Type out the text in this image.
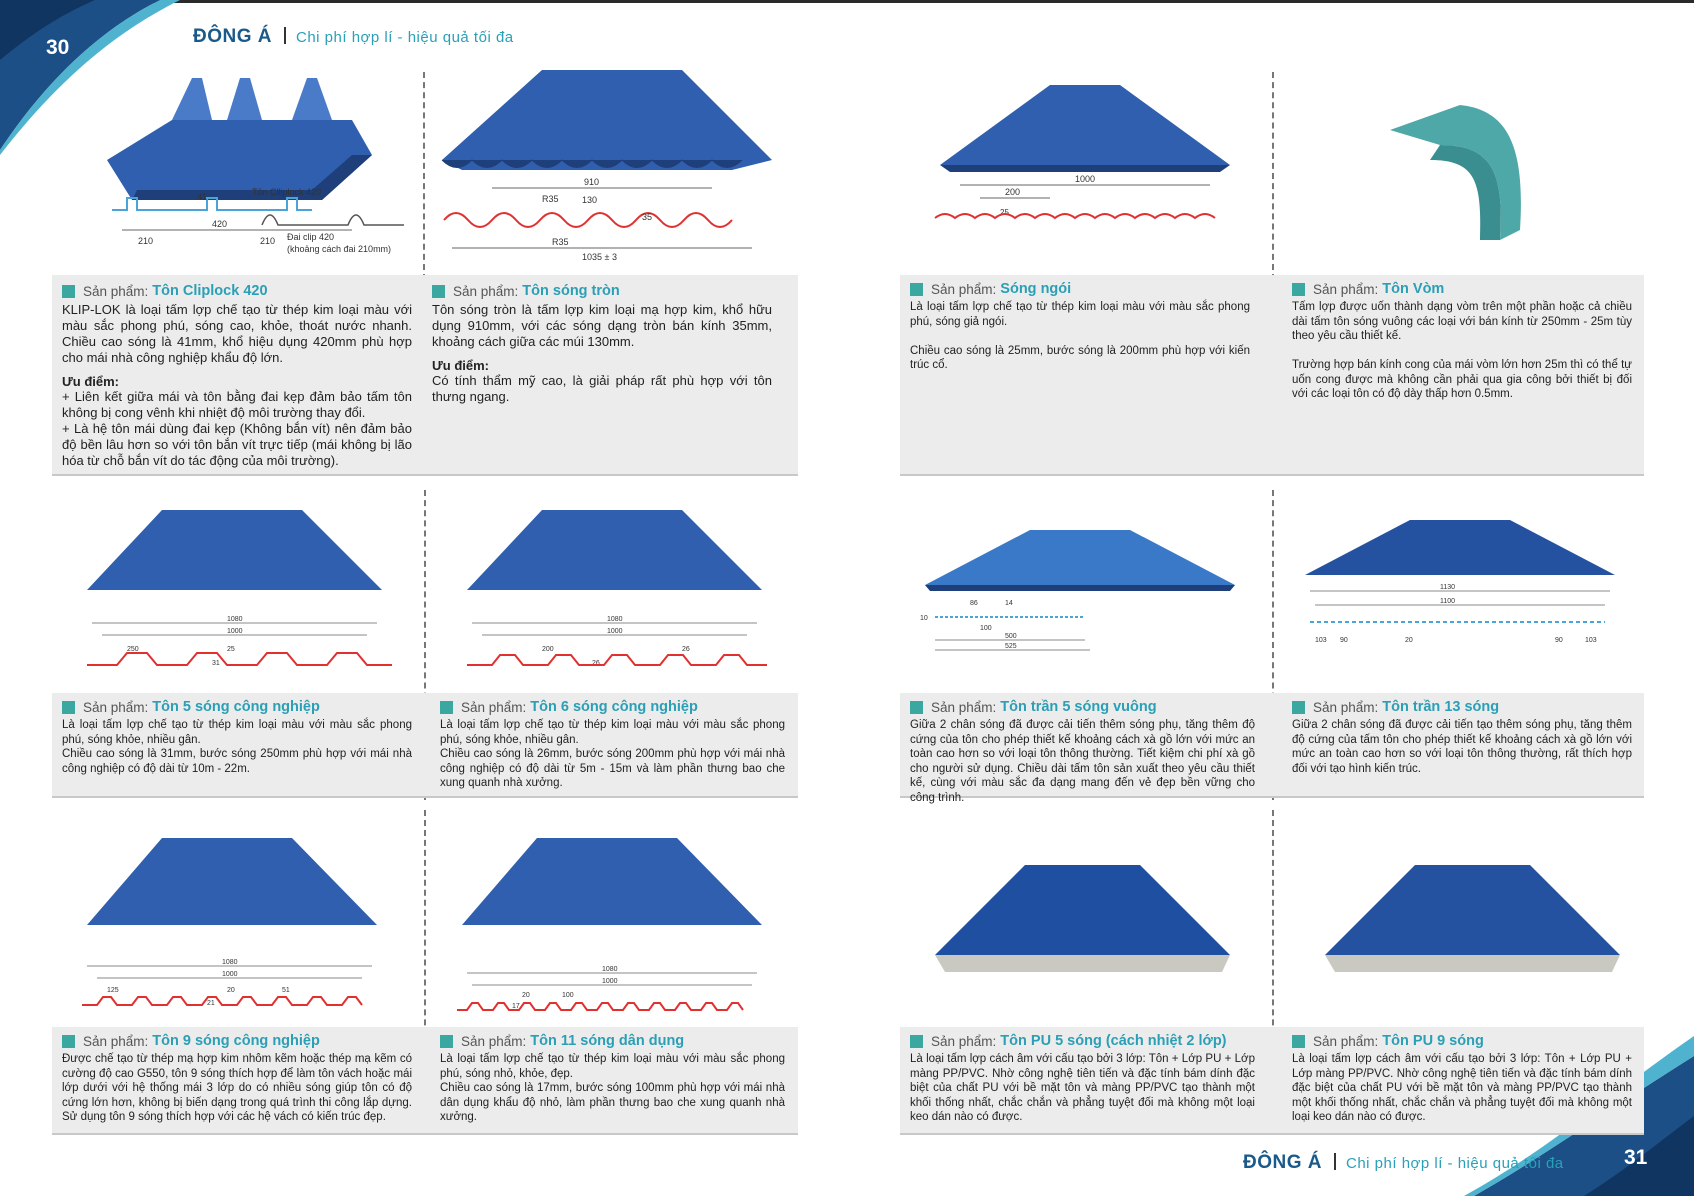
30	ĐÔNG Á Chi phí hợp lí - hiệu quả tối đa
31
ĐÔNG Á Chi phí hợp lí - hiệu quả tối đa
210
420
210
41	Tôn Clliplock 420
Đai clip 420
(khoảng cách đai 210mm)
Sản phẩm: Tôn Cliplock 420
KLIP-LOK là loại tấm lợp chế tạo từ thép kim loại màu với màu sắc phong phú, sóng cao, khỏe, thoát nước nhanh. Chiều cao sóng là 41mm, khổ hiệu dụng 420mm phù hợp cho mái nhà công nghiệp khẩu độ lớn.
Ưu điểm:
+ Liên kết giữa mái và tôn bằng đai kẹp đảm bảo tấm tôn không bị cong vênh khi nhiệt độ môi trường thay đổi.
+ Là hệ tôn mái dùng đai kẹp (Không bắn vít) nên đảm bảo độ bền lâu hơn so với tôn bắn vít trực tiếp (mái không bị lão hóa từ chỗ bắn vít do tác động của môi trường).
Sản phẩm: Tôn sóng tròn
Tôn sóng tròn là tấm lợp kim loại mạ hợp kim, khổ hữu dụng 910mm, với các sóng dạng tròn bán kính 35mm, khoảng cách giữa các múi 130mm.
Ưu điểm:
Có tính thẩm mỹ cao, là giải pháp rất phù hợp với tôn thưng ngang.
910
130
R35
R35
35
1035 ± 3
1000
200
25
Sản phẩm: Sóng ngói
Là loại tấm lợp chế tạo từ thép kim loại màu với màu sắc phong phú, sóng giả ngói.

Chiều cao sóng là 25mm, bước sóng là 200mm phù hợp với kiến trúc cổ.
Sản phẩm: Tôn Vòm
Tấm lợp được uốn thành dạng vòm trên một phần hoặc cả chiều dài tấm tôn sóng vuông các loại với bán kính từ 250mm - 25m tùy theo yêu cầu thiết kế.

Trường hợp bán kính cong của mái vòm lớn hơn 25m thì có thể tự uốn cong được mà không cần phải qua gia công bởi thiết bị đối với các loại tôn có độ dày thấp hơn 0.5mm.
1080
1000
250	25
31
1080
1000
200	26
26
Sản phẩm: Tôn 5 sóng công nghiệp
Là loại tấm lợp chế tạo từ thép kim loại màu với màu sắc phong phú, sóng khỏe, nhiều gân.
Chiều cao sóng là 31mm, bước sóng 250mm phù hợp với mái nhà công nghiệp có độ dài từ 10m - 22m.
Sản phẩm: Tôn 6 sóng công nghiệp
Là loại tấm lợp chế tạo từ thép kim loại màu với màu sắc phong phú, sóng khỏe, nhiều gân.
Chiều cao sóng là 26mm, bước sóng 200mm phù hợp với mái nhà công nghiệp có độ dài từ 5m - 15m và làm phần thưng bao che xung quanh nhà xưởng.
86	14
10
100
500
525
1130
1100
103 90	20	90	103
Sản phẩm: Tôn trần 5 sóng vuông
Giữa 2 chân sóng đã được cải tiến thêm sóng phụ, tăng thêm độ cứng của tôn cho phép thiết kế khoảng cách xà gồ lớn với mức an toàn cao hơn so với loại tôn thông thường. Tiết kiệm chi phí xà gồ cho người sử dụng. Chiều dài tấm tôn sản xuất theo yêu cầu thiết kế, cùng với màu sắc đa dạng mang đến vẻ đẹp bền vững cho công trình.
Sản phẩm: Tôn trần 13 sóng
Giữa 2 chân sóng đã được cải tiến tạo thêm sóng phụ, tăng thêm độ cứng của tấm tôn cho phép thiết kế khoảng cách xà gồ lớn với mức an toàn cao hơn so với loại tôn thông thường, rất thích hợp đối với tạo hình kiến trúc.
1080
1000
125	20	51
21
1080
1000
20	100
17
Sản phẩm: Tôn 9 sóng công nghiệp
Được chế tạo từ thép mạ hợp kim nhôm kẽm hoặc thép mạ kẽm có cường độ cao G550, tôn 9 sóng thích hợp để làm tôn vách hoặc mái lớp dưới với hệ thống mái 3 lớp do có nhiều sóng giúp tôn có độ cứng lớn hơn, không bị biến dạng trong quá trình thi công lắp dựng. Sử dụng tôn 9 sóng thích hợp với các hệ vách có kiến trúc đẹp.
Sản phẩm: Tôn 11 sóng dân dụng
Là loại tấm lợp chế tạo từ thép kim loại màu với màu sắc phong phú, sóng nhỏ, khỏe, đẹp.
Chiều cao sóng là 17mm, bước sóng 100mm phù hợp với mái nhà dân dụng khẩu độ nhỏ, làm phần thưng bao che xung quanh nhà xưởng.
Sản phẩm: Tôn PU 5 sóng (cách nhiệt 2 lớp)
Là loại tấm lợp cách âm với cấu tạo bởi 3 lớp: Tôn + Lớp PU + Lớp màng PP/PVC. Nhờ công nghệ tiên tiến và đặc tính bám dính đặc biệt của chất PU với bề mặt tôn và màng PP/PVC tạo thành một khối thống nhất, chắc chắn và phẳng tuyệt đối mà không một loại keo dán nào có được.
Sản phẩm: Tôn PU 9 sóng
Là loại tấm lợp cách âm với cấu tạo bởi 3 lớp: Tôn + Lớp PU + Lớp màng PP/PVC. Nhờ công nghệ tiên tiến và đặc tính bám dính đặc biệt của chất PU với bề mặt tôn và màng PP/PVC tạo thành một khối thống nhất, chắc chắn và phẳng tuyệt đối mà không một loại keo dán nào có được.
